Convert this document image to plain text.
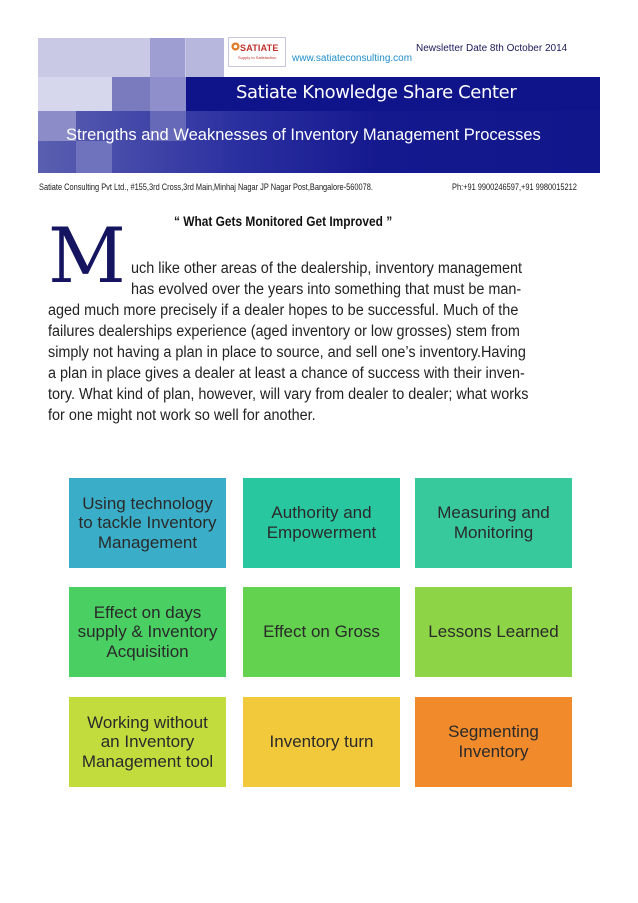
SATIATE
Supply to Satisfaction www.satiateconsulting.com
Newsletter Date 8th October 2014
Satiate Knowledge Share Center
Strengths and Weaknesses of Inventory Management Processes
Satiate Consulting Pvt Ltd., #155,3rd Cross,3rd Main,Minhaj Nagar JP Nagar Post,Bangalore-560078.	Ph:+91 9900246597,+91 9980015212
“ What Gets Monitored Get Improved ”
M uch like other areas of the dealership, inventory management
has evolved over the years into something that must be man-
aged much more precisely if a dealer hopes to be successful. Much of the
failures dealerships experience (aged inventory or low grosses) stem from
simply not having a plan in place to source, and sell one’s inventory.Having
a plan in place gives a dealer at least a chance of success with their inven-
tory. What kind of plan, however, will vary from dealer to dealer; what works
for one might not work so well for another.
Using technology to tackle Inventory Management
Authority and Empowerment
Measuring and Monitoring
Effect on days supply & Inventory Acquisition
Effect on Gross	Lessons Learned
Working without an Inventory Management tool
Inventory turn
Segmenting Inventory
